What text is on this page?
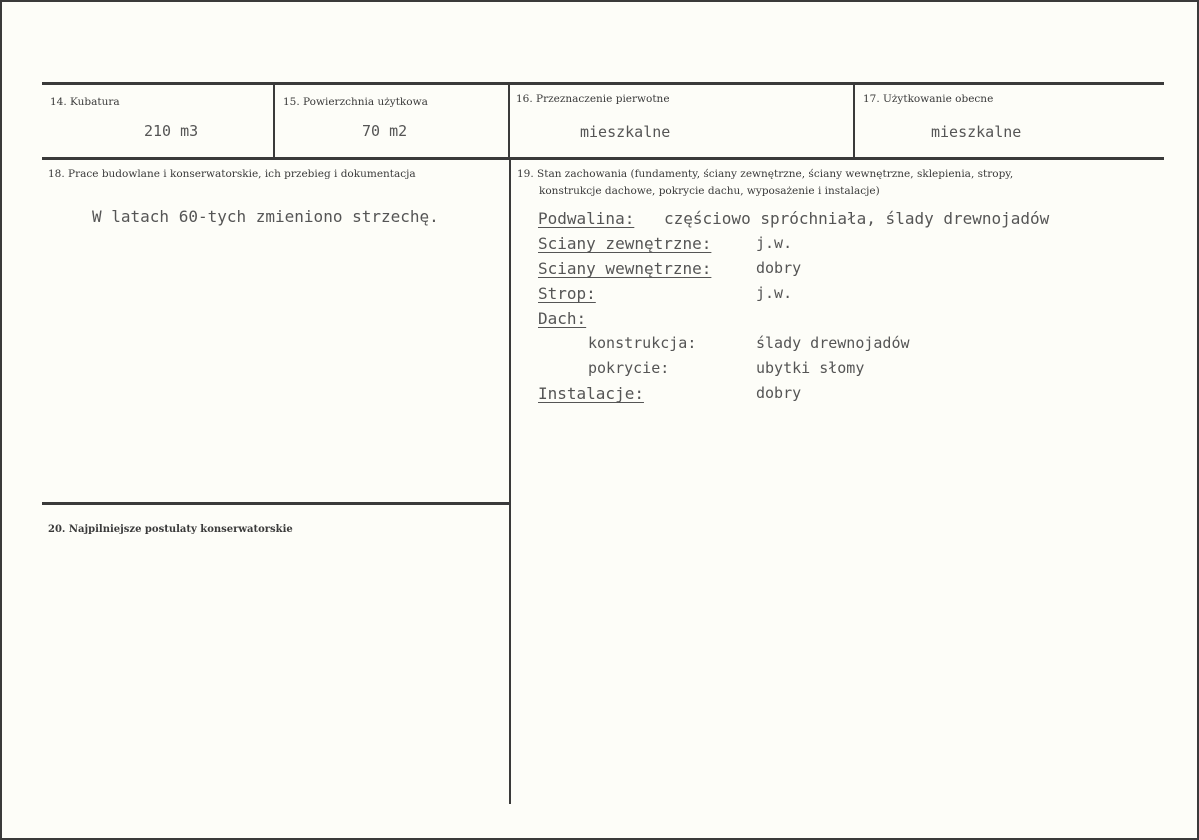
14. Kubatura
210 m3
15. Powierzchnia użytkowa
70 m2
16. Przeznaczenie pierwotne
mieszkalne
17. Użytkowanie obecne
mieszkalne
18. Prace budowlane i konserwatorskie, ich przebieg i dokumentacja
W latach 60-tych zmieniono strzechę.
19. Stan zachowania (fundamenty, ściany zewnętrzne, ściany wewnętrzne, sklepienia, stropy,
konstrukcje dachowe, pokrycie dachu, wyposażenie i instalacje)
Podwalina: częściowo spróchniała, ślady drewnojadów
Sciany zewnętrzne:	j.w.
Sciany wewnętrzne:	dobry
Strop:	j.w.
Dach:
konstrukcja:	ślady drewnojadów
pokrycie:	ubytki słomy
Instalacje:	dobry
20. Najpilniejsze postulaty konserwatorskie
